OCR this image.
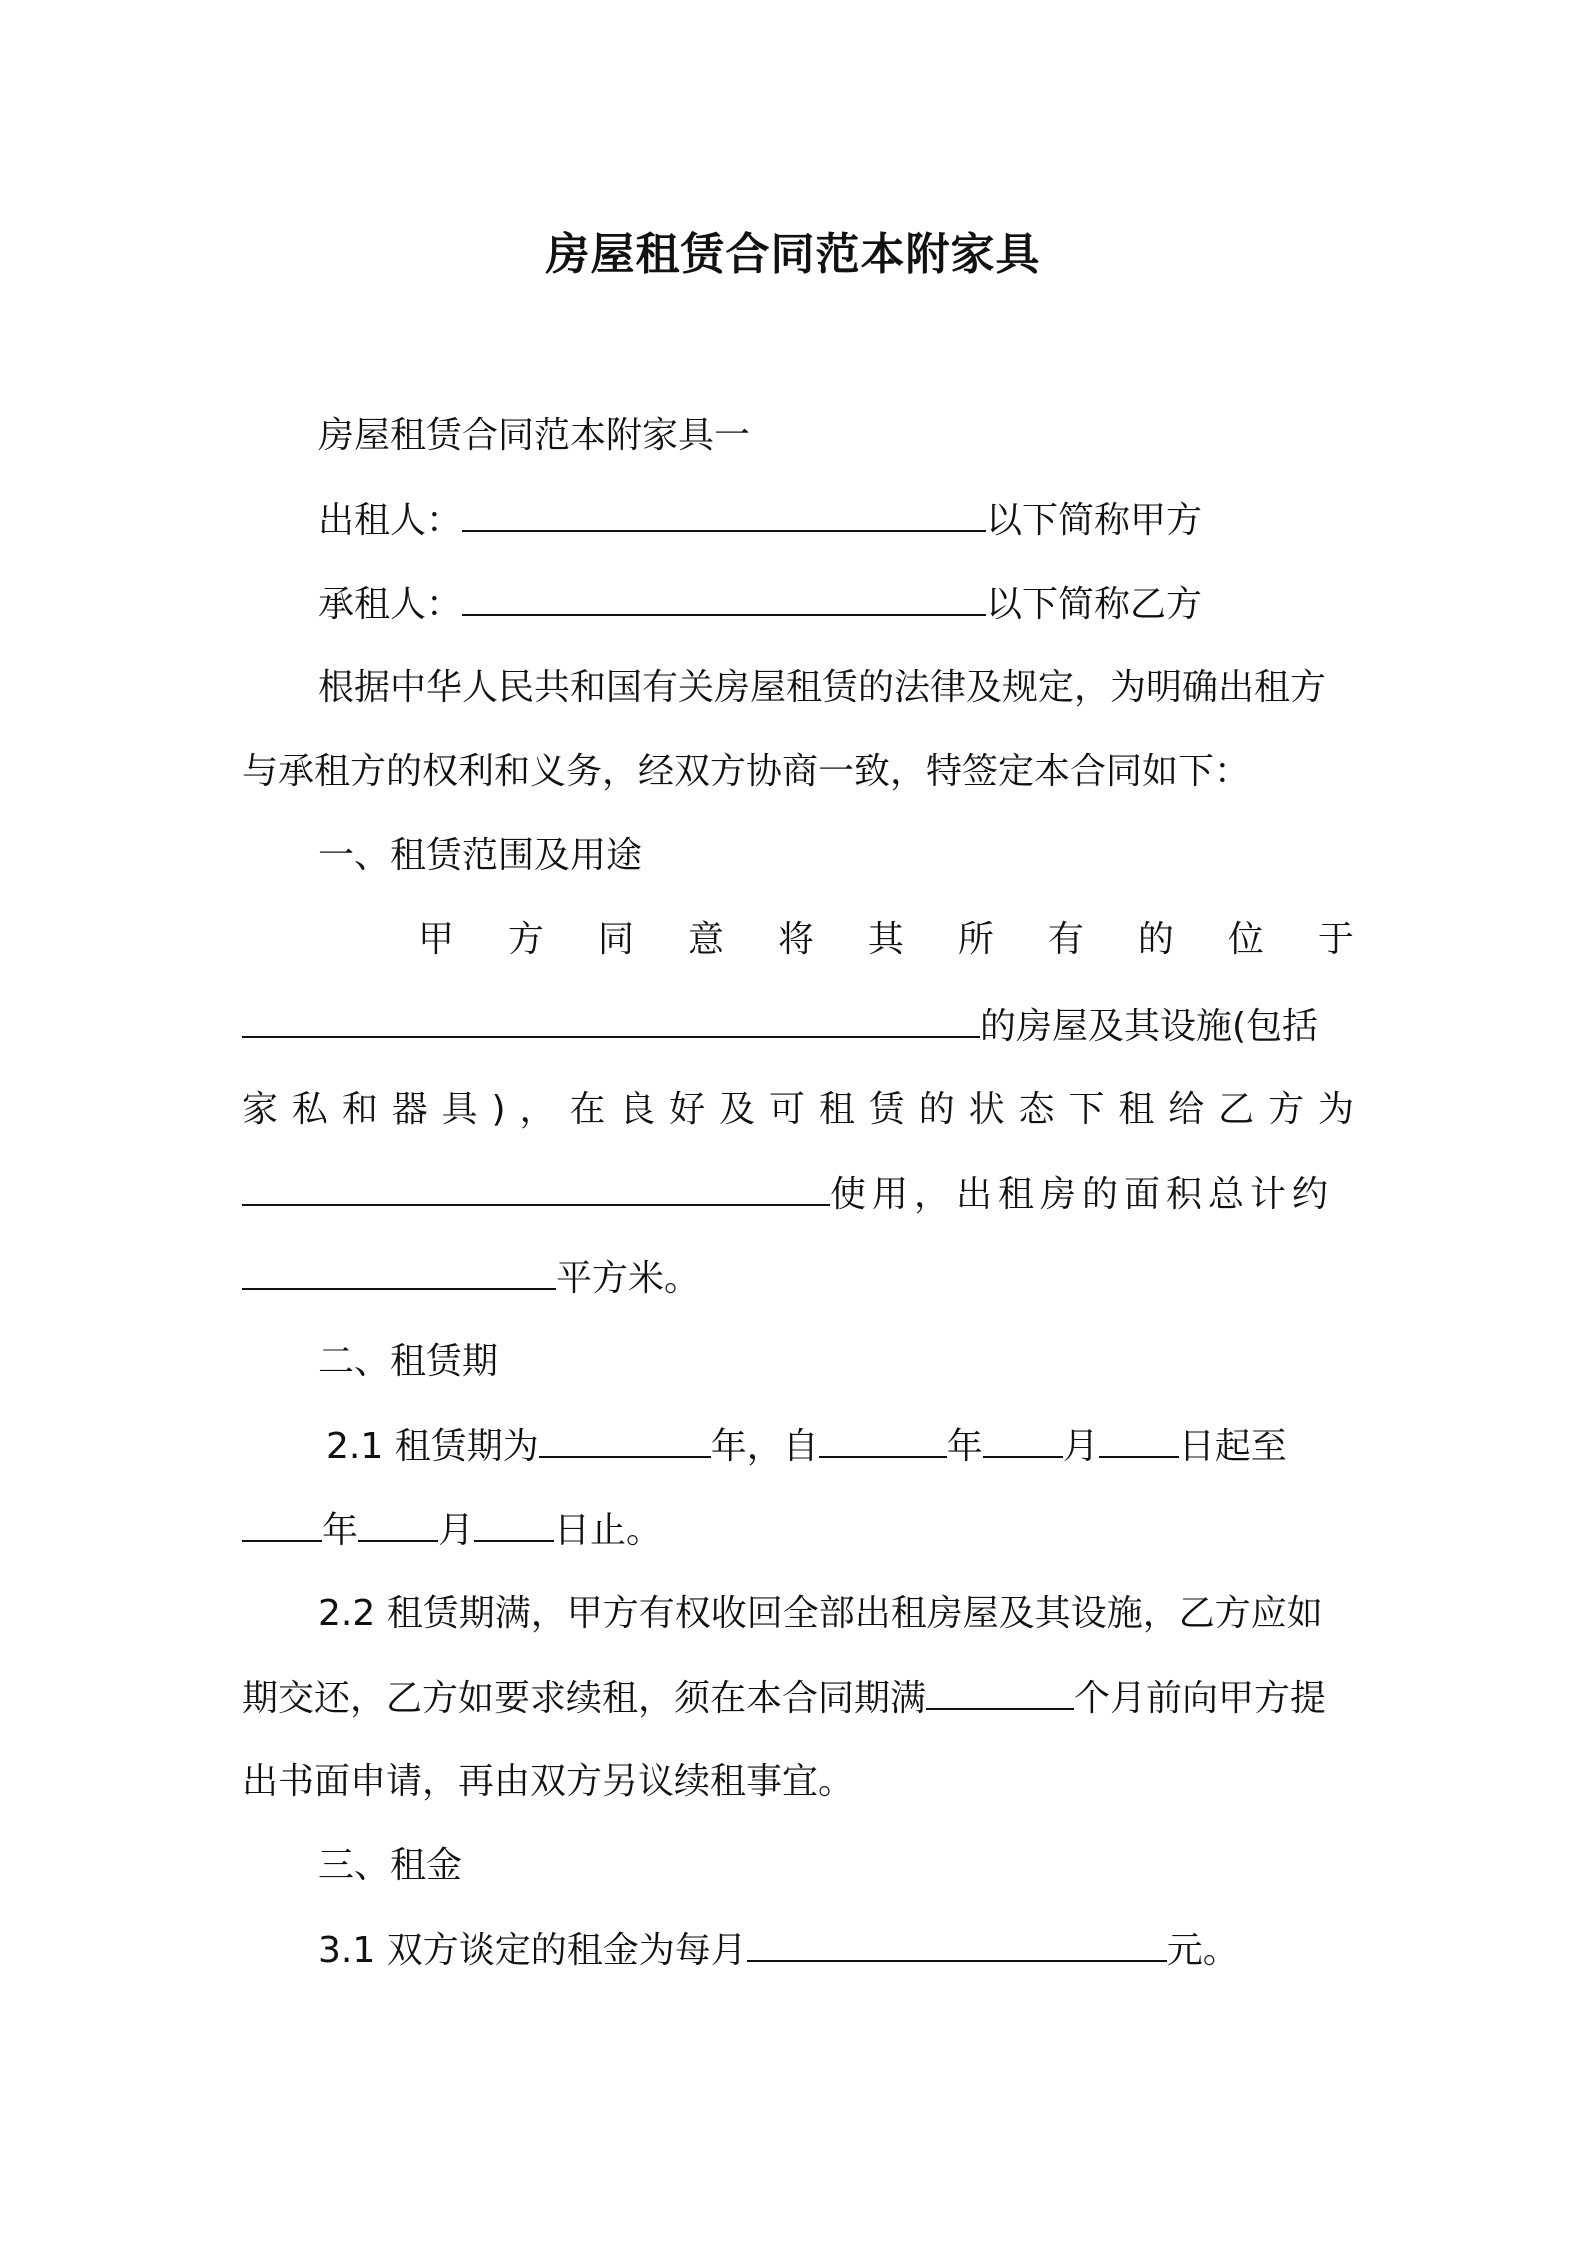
房屋租赁合同范本附家具
房屋租赁合同范本附家具一
出租人：	以下简称甲方
承租人：	以下简称乙方
根据中华人民共和国有关房屋租赁的法律及规定，为明确出租方
与承租方的权利和义务，经双方协商一致，特签定本合同如下：
一、租赁范围及用途
甲 方 同 意 将 其 所 有 的 位 于
的房屋及其设施(包括
家 私 和 器 具 ) ， 在 良 好 及 可 租 赁 的 状 态 下 租 给 乙 方 为
使用，出租房的面积总计约
平方米。
二、租赁期
2.1 租赁期为	年，自	年 月 日起至
年 月 日止。
2.2 租赁期满，甲方有权收回全部出租房屋及其设施，乙方应如
期交还，乙方如要求续租，须在本合同期满	个月前向甲方提
出书面申请，再由双方另议续租事宜。
三、租金
3.1 双方谈定的租金为每月	元。
